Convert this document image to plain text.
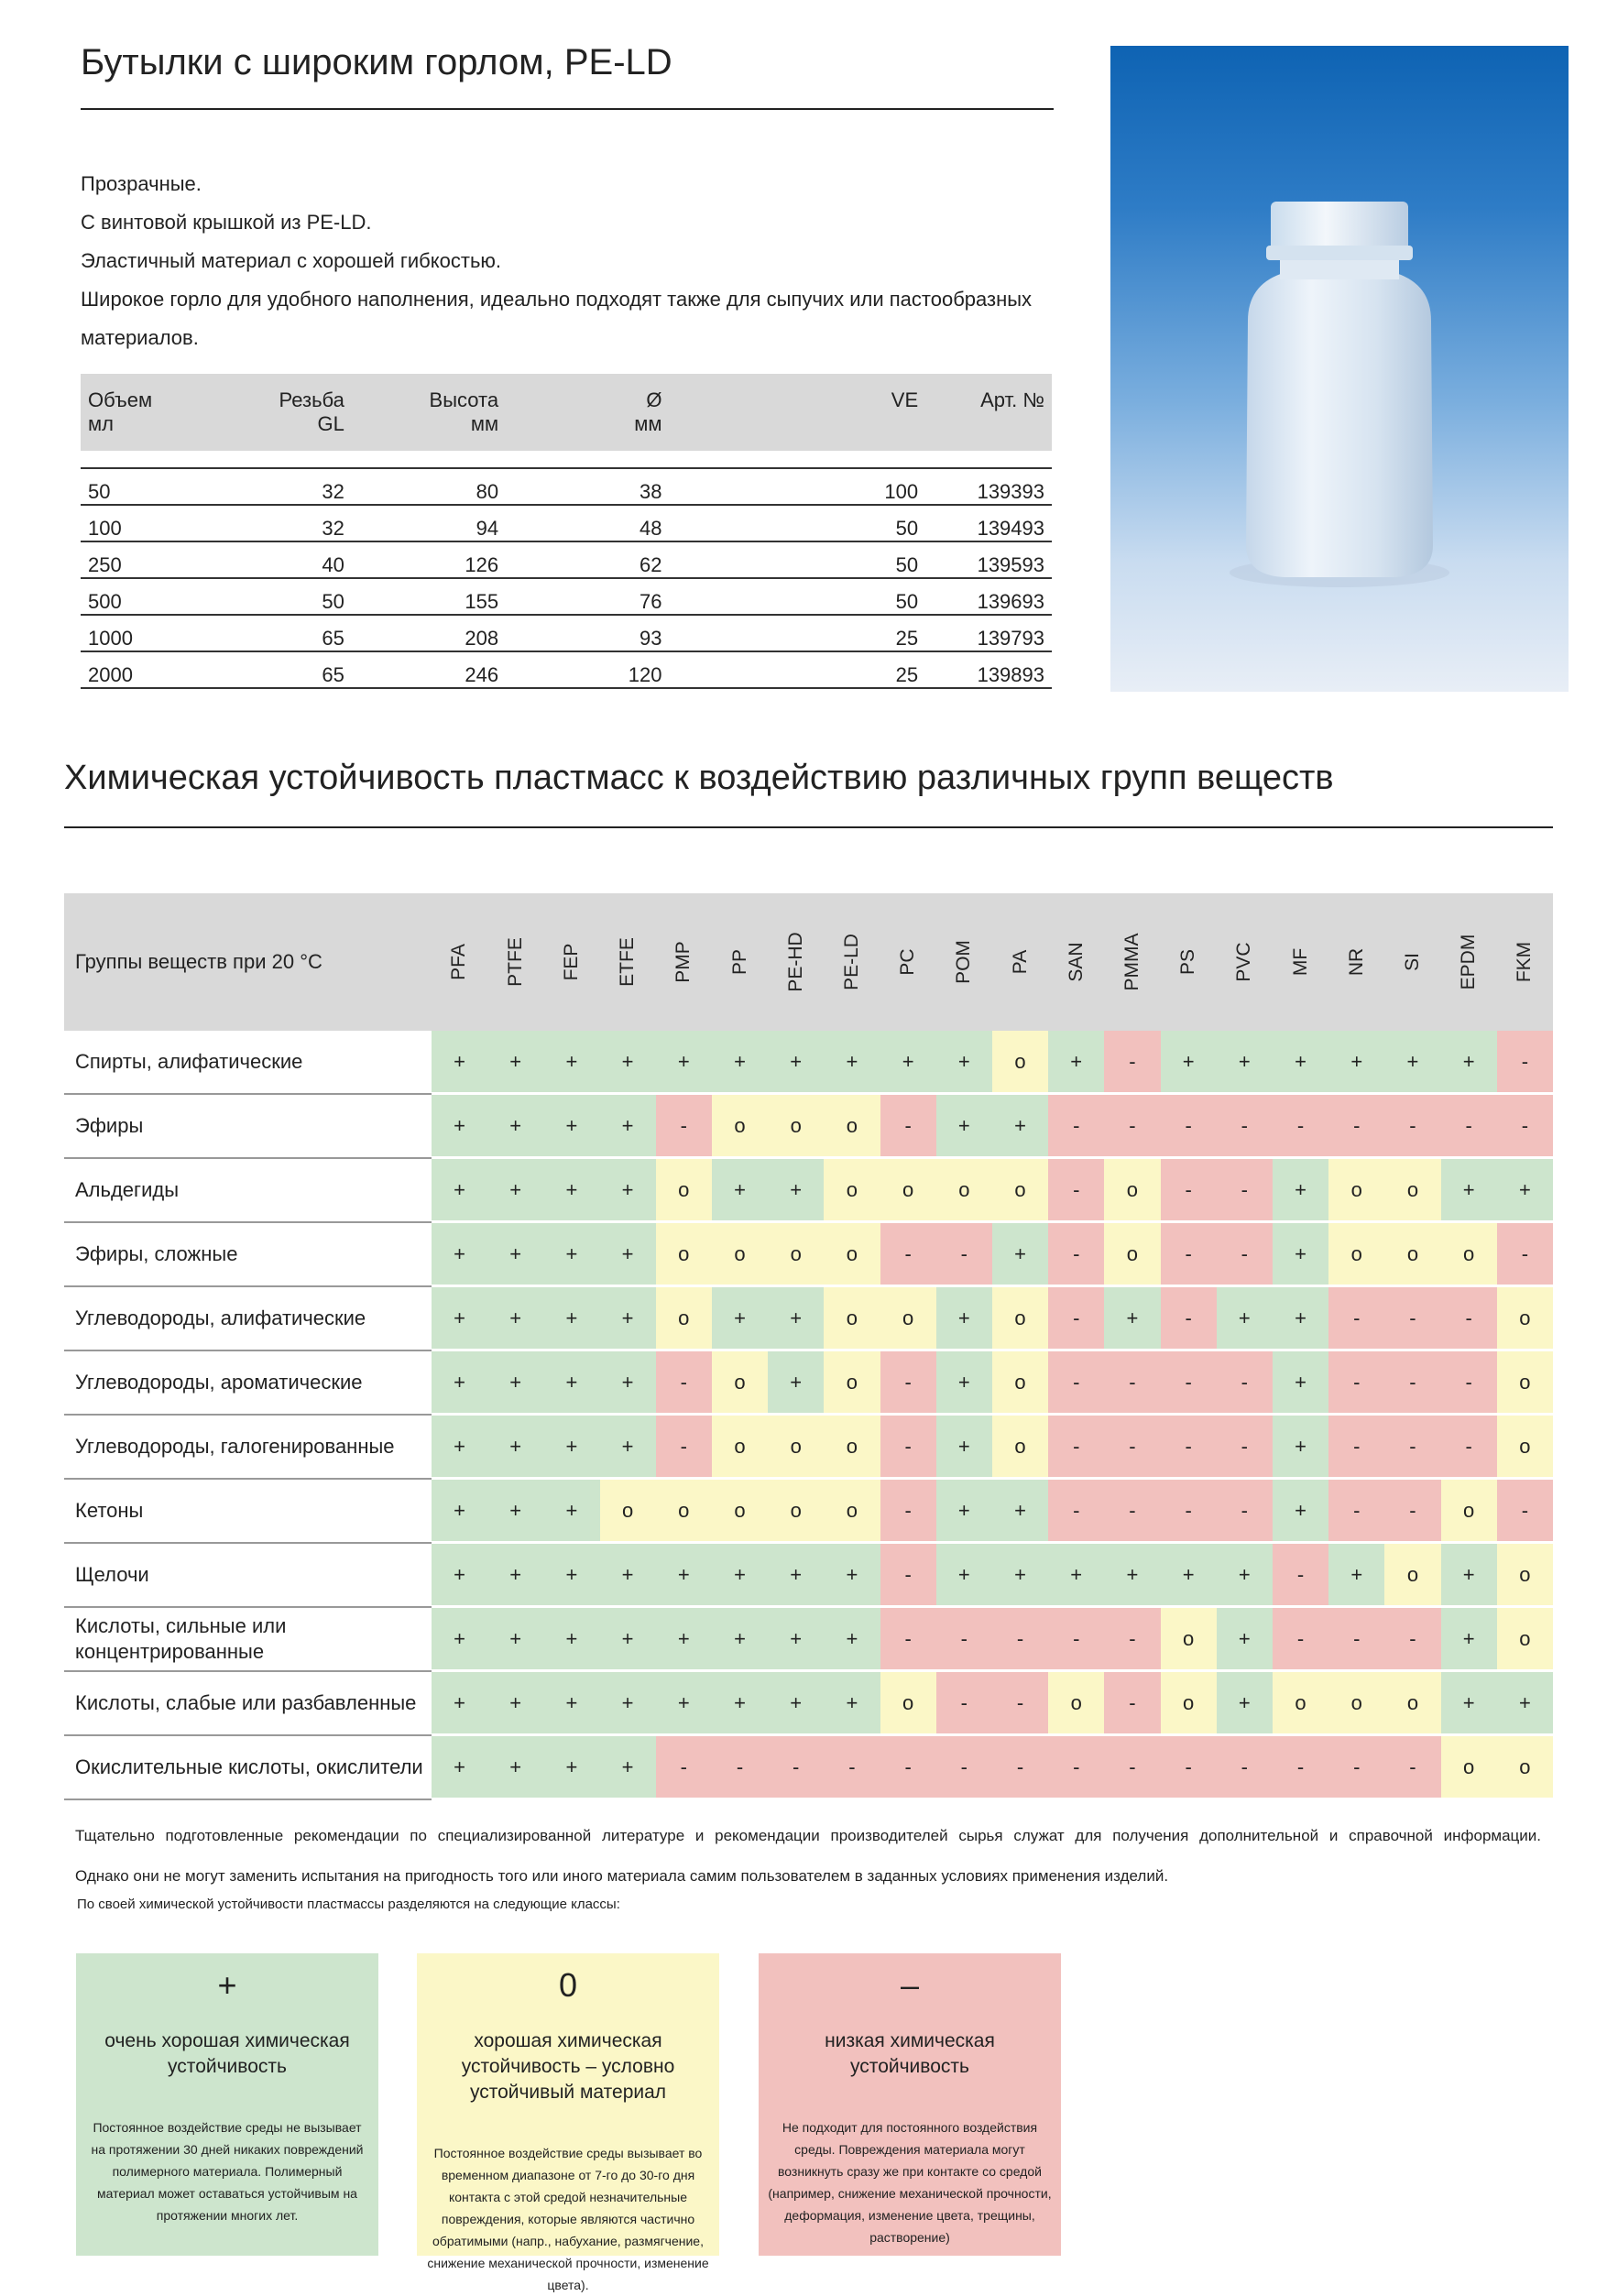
Бутылки с широким горлом, PE-LD
Прозрачные.
С винтовой крышкой из PE-LD.
Эластичный материал с хорошей гибкостью.
Широкое горло для удобного наполнения, идеально подходят также для сыпучих или пастообразных
материалов.
Объем	Резьба	Высота	Ø	VE	Арт. №
мл	GL	мм	мм		

50	32	80	38	100	139393
100	32	94	48	50	139493
250	40	126	62	50	139593
500	50	155	76	50	139693
1000	65	208	93	25	139793
2000	65	246	120	25	139893
Химическая устойчивость пластмасс к воздействию различных групп веществ
Группы веществ при 20 °C	PFA	PTFE	FEP	ETFE	PMP	PP	PE-HD	PE-LD	PC	POM	PA	SAN	PMMA	PS	PVC	MF	NR	SI	EPDM	FKM

Спирты, алифатические	+	+	+	+	+	+	+	+	+	+	o	+	-	+	+	+	+	+	+	-
Эфиры	+	+	+	+	-	o	o	o	-	+	+	-	-	-	-	-	-	-	-	-
Альдегиды	+	+	+	+	o	+	+	o	o	o	o	-	o	-	-	+	o	o	+	+
Эфиры, сложные	+	+	+	+	o	o	o	o	-	-	+	-	o	-	-	+	o	o	o	-
Углеводороды, алифатические	+	+	+	+	o	+	+	o	o	+	o	-	+	-	+	+	-	-	-	o
Углеводороды, ароматические	+	+	+	+	-	o	+	o	-	+	o	-	-	-	-	+	-	-	-	o
Углеводороды, галогенированные	+	+	+	+	-	o	o	o	-	+	o	-	-	-	-	+	-	-	-	o
Кетоны	+	+	+	o	o	o	o	o	-	+	+	-	-	-	-	+	-	-	o	-
Щелочи	+	+	+	+	+	+	+	+	-	+	+	+	+	+	+	-	+	o	+	o
Кислоты, сильные или концентрированные	+	+	+	+	+	+	+	+	-	-	-	-	-	o	+	-	-	-	+	o
Кислоты, слабые или разбавленные	+	+	+	+	+	+	+	+	o	-	-	o	-	o	+	o	o	o	+	+
Окислительные кислоты, окислители	+	+	+	+	-	-	-	-	-	-	-	-	-	-	-	-	-	-	o	o
Тщательно подготовленные рекомендации по специализированной литературе и рекомендации производителей сырья служат для получения дополнительной и справочной информации.
Однако они не могут заменить испытания на пригодность того или иного материала самим пользователем в заданных условиях применения изделий.
По своей химической устойчивости пластмассы разделяются на следующие классы:
+
очень хорошая химическая устойчивость
Постоянное воздействие среды не вызывает на протяжении 30 дней никаких повреждений полимерного материала. Полимерный материал может оставаться устойчивым на протяжении многих лет.
0
хорошая химическая устойчивость – условно устойчивый материал
Постоянное воздействие среды вызывает во временном диапазоне от 7-го до 30-го дня контакта с этой средой незначительные повреждения, которые являются частично обратимыми (напр., набухание, размягчение, снижение механической прочности, изменение цвета).
–
низкая химическая устойчивость
Не подходит для постоянного воздействия среды. Повреждения материала могут возникнуть сразу же при контакте со средой (например, снижение механической прочности, деформация, изменение цвета, трещины, растворение)
